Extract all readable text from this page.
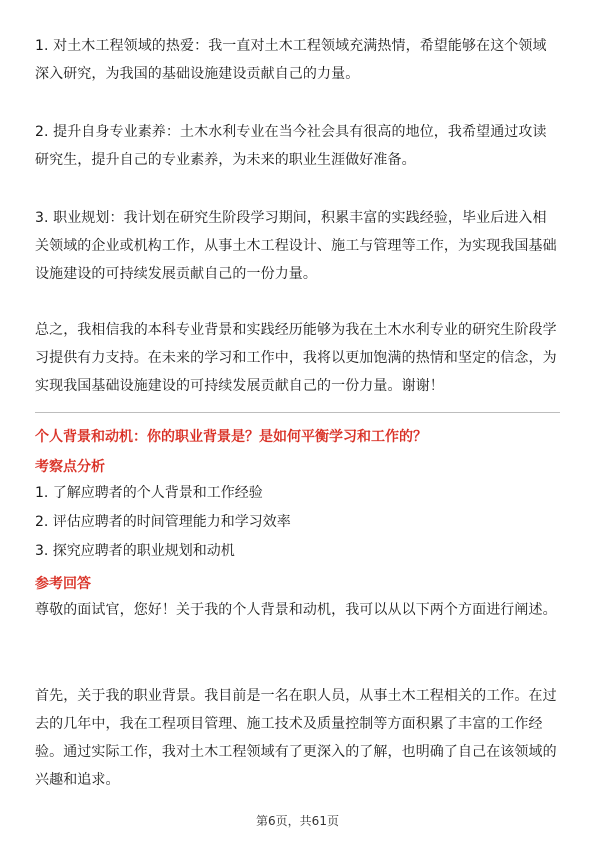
1. 对土木工程领域的热爱：我一直对土木工程领域充满热情，希望能够在这个领域深入研究，为我国的基础设施建设贡献自己的力量。
2. 提升自身专业素养：土木水利专业在当今社会具有很高的地位，我希望通过攻读研究生，提升自己的专业素养，为未来的职业生涯做好准备。
3. 职业规划：我计划在研究生阶段学习期间，积累丰富的实践经验，毕业后进入相关领域的企业或机构工作，从事土木工程设计、施工与管理等工作，为实现我国基础设施建设的可持续发展贡献自己的一份力量。
总之，我相信我的本科专业背景和实践经历能够为我在土木水利专业的研究生阶段学习提供有力支持。在未来的学习和工作中，我将以更加饱满的热情和坚定的信念，为实现我国基础设施建设的可持续发展贡献自己的一份力量。谢谢！
个人背景和动机：你的职业背景是？是如何平衡学习和工作的？
考察点分析
1. 了解应聘者的个人背景和工作经验
2. 评估应聘者的时间管理能力和学习效率
3. 探究应聘者的职业规划和动机
参考回答
尊敬的面试官，您好！关于我的个人背景和动机，我可以从以下两个方面进行阐述。
首先，关于我的职业背景。我目前是一名在职人员，从事土木工程相关的工作。在过去的几年中，我在工程项目管理、施工技术及质量控制等方面积累了丰富的工作经验。通过实际工作，我对土木工程领域有了更深入的了解，也明确了自己在该领域的兴趣和追求。
第6页，共61页
